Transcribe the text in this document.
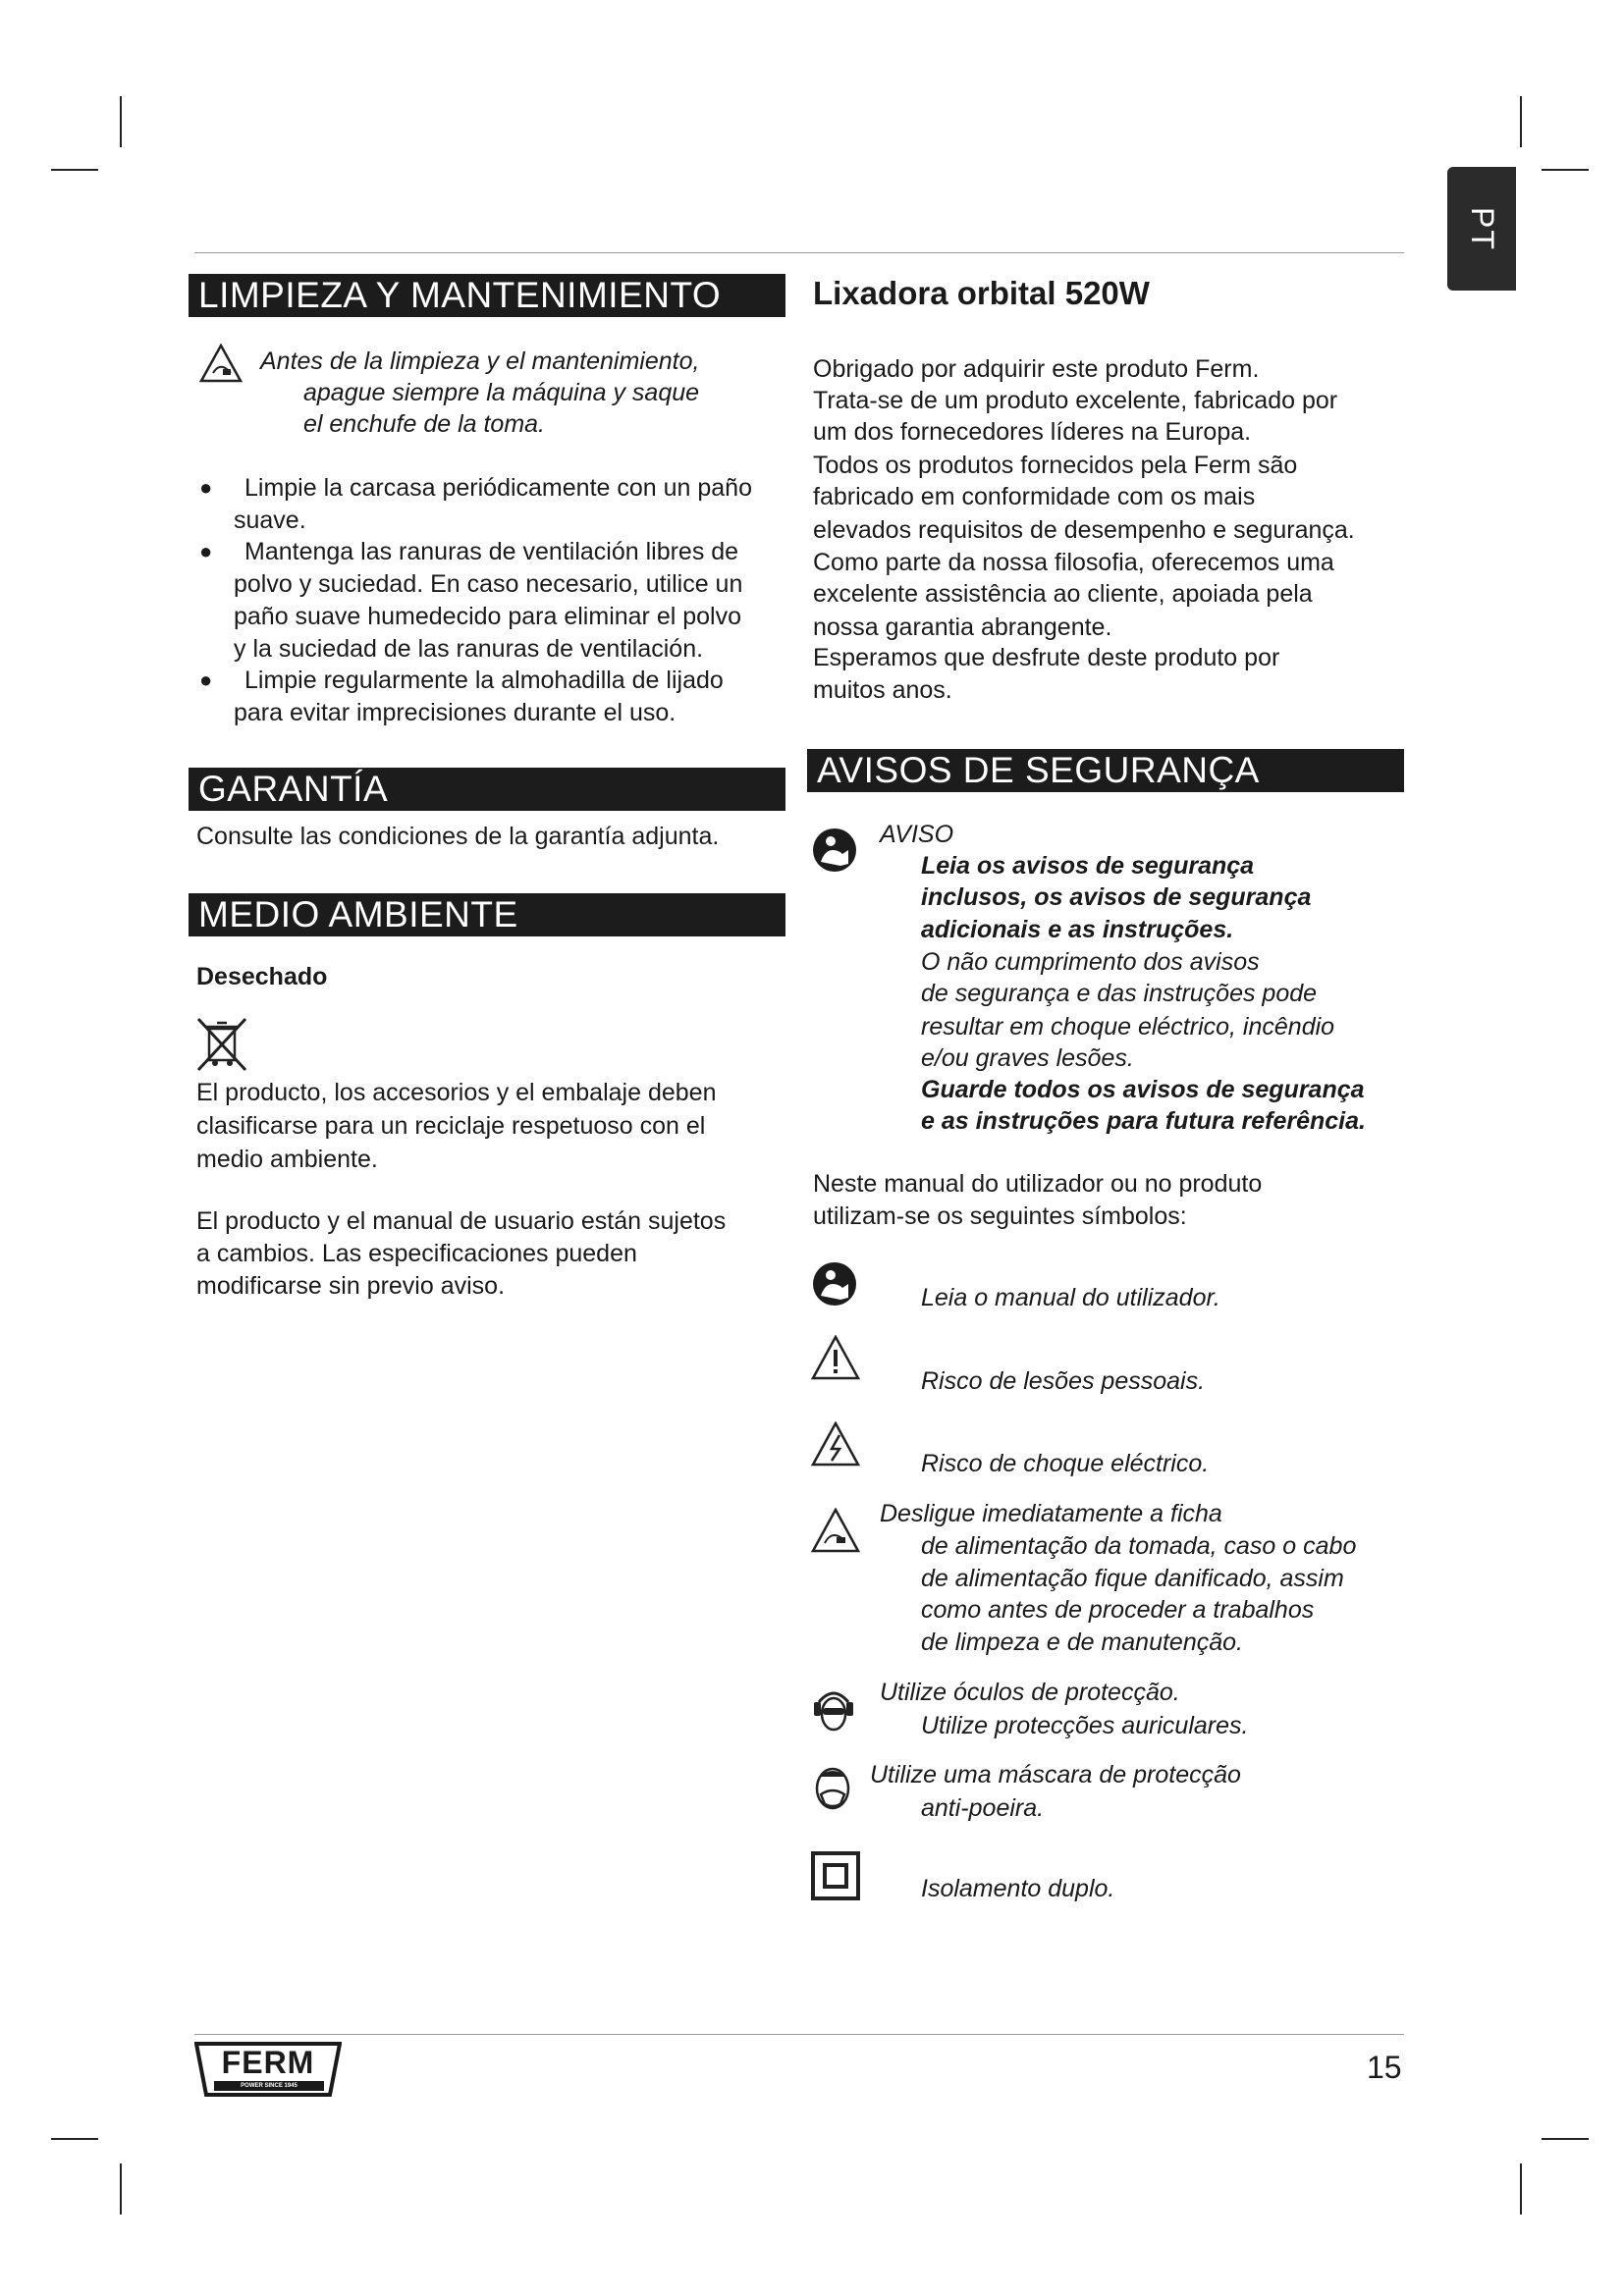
PT
LIMPIEZA Y MANTENIMIENTO
Antes de la limpieza y el mantenimiento,
apague siempre la máquina y saque
el enchufe de la toma.
● Limpie la carcasa periódicamente con un paño
suave.
● Mantenga las ranuras de ventilación libres de
polvo y suciedad. En caso necesario, utilice un
paño suave humedecido para eliminar el polvo
y la suciedad de las ranuras de ventilación.
● Limpie regularmente la almohadilla de lijado
para evitar imprecisiones durante el uso.
GARANTÍA
Consulte las condiciones de la garantía adjunta.
MEDIO AMBIENTE
Desechado
El producto, los accesorios y el embalaje deben
clasificarse para un reciclaje respetuoso con el
medio ambiente.
El producto y el manual de usuario están sujetos
a cambios. Las especificaciones pueden
modificarse sin previo aviso.
Lixadora orbital 520W
Obrigado por adquirir este produto Ferm.
Trata-se de um produto excelente, fabricado por
um dos fornecedores líderes na Europa.
Todos os produtos fornecidos pela Ferm são
fabricado em conformidade com os mais
elevados requisitos de desempenho e segurança.
Como parte da nossa filosofia, oferecemos uma
excelente assistência ao cliente, apoiada pela
nossa garantia abrangente.
Esperamos que desfrute deste produto por
muitos anos.
AVISOS DE SEGURANÇA
AVISO
Leia os avisos de segurança
inclusos, os avisos de segurança
adicionais e as instruções.
O não cumprimento dos avisos
de segurança e das instruções pode
resultar em choque eléctrico, incêndio
e/ou graves lesões.
Guarde todos os avisos de segurança
e as instruções para futura referência.
Neste manual do utilizador ou no produto
utilizam-se os seguintes símbolos:
Leia o manual do utilizador.
Risco de lesões pessoais.
Risco de choque eléctrico.
Desligue imediatamente a ficha
de alimentação da tomada, caso o cabo
de alimentação fique danificado, assim
como antes de proceder a trabalhos
de limpeza e de manutenção.
Utilize óculos de protecção.
Utilize protecções auriculares.
Utilize uma máscara de protecção
anti-poeira.
Isolamento duplo.
FERM
POWER SINCE 1945
15
